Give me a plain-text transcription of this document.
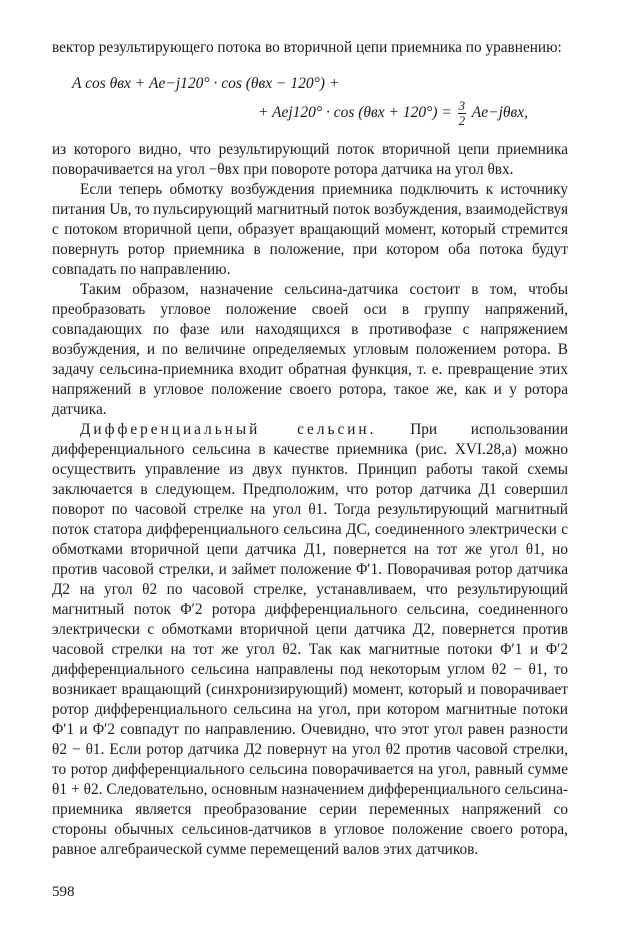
вектор результирующего потока во вторичной цепи приемника по уравнению:

A cos θвх + Ae−j120° · cos (θвх − 120°) +
+ $Aej120^\circ \cdot \cos (\theta вх + 120^\circ) = \frac{3}{2} Ae-j\theta вх$,

из которого видно, что результирующий поток вторичной цепи приемника поворачивается на угол −θвх при повороте ротора датчика на угол θвх.

Если теперь обмотку возбуждения приемника подключить к источнику питания Uв, то пульсирующий магнитный поток возбуждения, взаимодействуя с потоком вторичной цепи, образует вращающий момент, который стремится повернуть ротор приемника в положение, при котором оба потока будут совпадать по направлению.

Таким образом, назначение сельсина-датчика состоит в том, чтобы преобразовать угловое положение своей оси в группу напряжений, совпадающих по фазе или находящихся в противофазе с напряжением возбуждения, и по величине определяемых угловым положением ротора. В задачу сельсина-приемника входит обратная функция, т. е. превращение этих напряжений в угловое положение своего ротора, такое же, как и у ротора датчика.

Дифференциальный сельсин. При использовании дифференциального сельсина в качестве приемника (рис. XVI.28,а) можно осуществить управление из двух пунктов. Принцип работы такой схемы заключается в следующем. Предположим, что ротор датчика Д1 совершил поворот по часовой стрелке на угол θ1. Тогда результирующий магнитный поток статора дифференциального сельсина ДС, соединенного электрически с обмотками вторичной цепи датчика Д1, повернется на тот же угол θ1, но против часовой стрелки, и займет положение Φ′1. Поворачивая ротор датчика Д2 на угол θ2 по часовой стрелке, устанавливаем, что результирующий магнитный поток Φ′2 ротора дифференциального сельсина, соединенного электрически с обмотками вторичной цепи датчика Д2, повернется против часовой стрелки на тот же угол θ2. Так как магнитные потоки Φ′1 и Φ′2 дифференциального сельсина направлены под некоторым углом θ2 − θ1, то возникает вращающий (синхронизирующий) момент, который и поворачивает ротор дифференциального сельсина на угол, при котором магнитные потоки Φ′1 и Φ′2 совпадут по направлению. Очевидно, что этот угол равен разности θ2 − θ1. Если ротор датчика Д2 повернут на угол θ2 против часовой стрелки, то ротор дифференциального сельсина поворачивается на угол, равный сумме θ1 + θ2. Следовательно, основным назначением дифференциального сельсина-приемника является преобразование серии переменных напряжений со стороны обычных сельсинов-датчиков в угловое положение своего ротора, равное алгебраической сумме перемещений валов этих датчиков.

598
